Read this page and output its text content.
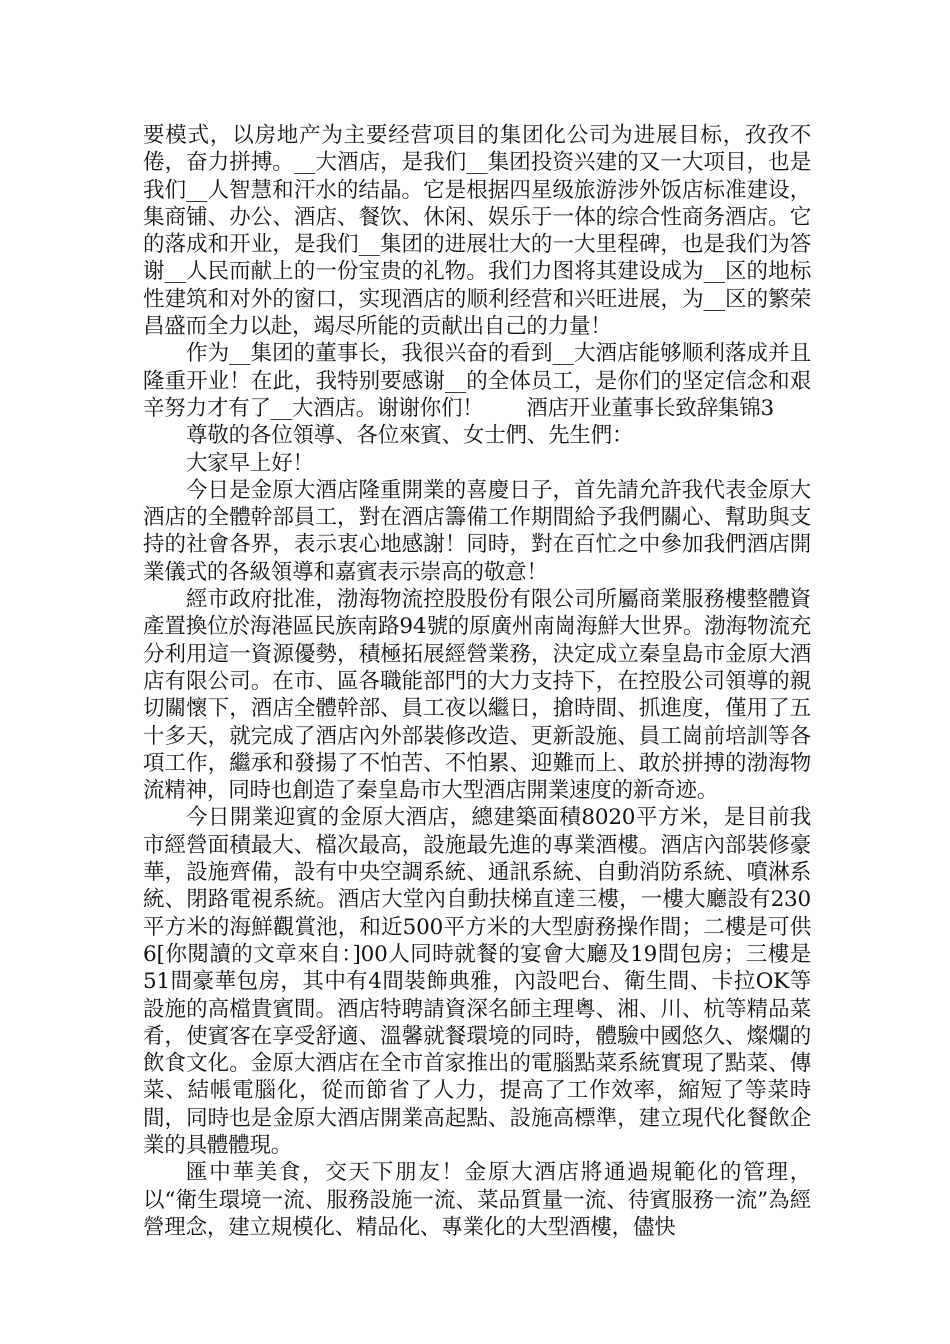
要模式，以房地产为主要经营项目的集团化公司为进展目标，孜孜不倦，奋力拼搏。__大酒店，是我们__集团投资兴建的又一大项目，也是我们__人智慧和汗水的结晶。它是根据四星级旅游涉外饭店标准建设，集商铺、办公、酒店、餐饮、休闲、娱乐于一体的综合性商务酒店。它的落成和开业，是我们__集团的进展壮大的一大里程碑，也是我们为答谢__人民而献上的一份宝贵的礼物。我们力图将其建设成为__区的地标性建筑和对外的窗口，实现酒店的顺利经营和兴旺进展，为__区的繁荣昌盛而全力以赴，竭尽所能的贡献出自己的力量！

作为__集团的董事长，我很兴奋的看到__大酒店能够顺利落成并且隆重开业！在此，我特别要感谢__的全体员工，是你们的坚定信念和艰辛努力才有了__大酒店。谢谢你们！　　酒店开业董事长致辞集锦3

尊敬的各位領導、各位來賓、女士們、先生們：

大家早上好！

今日是金原大酒店隆重開業的喜慶日子，首先請允許我代表金原大酒店的全體幹部員工，對在酒店籌備工作期間給予我們關心、幫助與支持的社會各界，表示衷心地感謝！同時，對在百忙之中參加我們酒店開業儀式的各級領導和嘉賓表示崇高的敬意！

經市政府批准，渤海物流控股股份有限公司所屬商業服務樓整體資產置換位於海港區民族南路94號的原廣州南崗海鮮大世界。渤海物流充分利用這一資源優勢，積極拓展經營業務，決定成立秦皇島市金原大酒店有限公司。在市、區各職能部門的大力支持下，在控股公司領導的親切關懷下，酒店全體幹部、員工夜以繼日，搶時間、抓進度，僅用了五十多天，就完成了酒店內外部裝修改造、更新設施、員工崗前培訓等各項工作，繼承和發揚了不怕苦、不怕累、迎難而上、敢於拼搏的渤海物流精神，同時也創造了秦皇島市大型酒店開業速度的新奇迹。

今日開業迎賓的金原大酒店，總建築面積8020平方米，是目前我市經營面積最大、檔次最高，設施最先進的專業酒樓。酒店內部裝修豪華，設施齊備，設有中央空調系統、通訊系統、自動消防系統、噴淋系統、閉路電視系統。酒店大堂內自動扶梯直達三樓，一樓大廳設有230平方米的海鮮觀賞池，和近500平方米的大型廚務操作間；二樓是可供6[你閱讀的文章來自：]00人同時就餐的宴會大廳及19間包房；三樓是51間豪華包房，其中有4間裝飾典雅，內設吧台、衛生間、卡拉OK等設施的高檔貴賓間。酒店特聘請資深名師主理粵、湘、川、杭等精品菜肴，使賓客在享受舒適、溫馨就餐環境的同時，體驗中國悠久、燦爛的飲食文化。金原大酒店在全市首家推出的電腦點菜系統實現了點菜、傳菜、結帳電腦化，從而節省了人力，提高了工作效率，縮短了等菜時間，同時也是金原大酒店開業高起點、設施高標準，建立現代化餐飲企業的具體體現。

匯中華美食，交天下朋友！金原大酒店將通過規範化的管理，以“衛生環境一流、服務設施一流、菜品質量一流、待賓服務一流”為經營理念，建立規模化、精品化、專業化的大型酒樓，儘快
